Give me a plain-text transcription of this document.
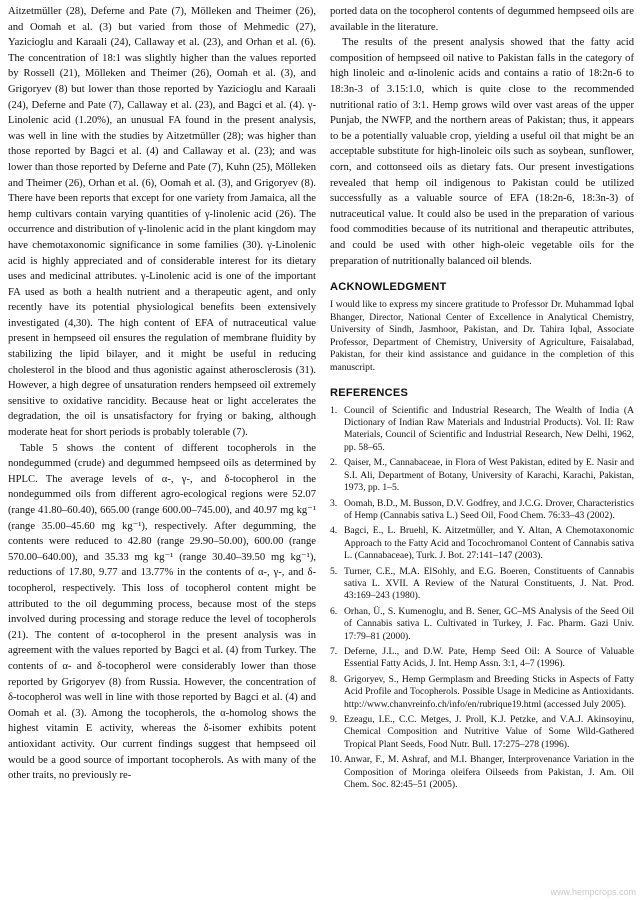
Aitzetmüller (28), Deferne and Pate (7), Mölleken and Theimer (26), and Oomah et al. (3) but varied from those of Mehmedic (27), Yazicioglu and Karaali (24), Callaway et al. (23), and Orhan et al. (6). The concentration of 18:1 was slightly higher than the values reported by Rossell (21), Mölleken and Theimer (26), Oomah et al. (3), and Grigoryev (8) but lower than those reported by Yazicioglu and Karaali (24), Deferne and Pate (7), Callaway et al. (23), and Bagci et al. (4). γ-Linolenic acid (1.20%), an unusual FA found in the present analysis, was well in line with the studies by Aitzetmüller (28); was higher than those reported by Bagci et al. (4) and Callaway et al. (23); and was lower than those reported by Deferne and Pate (7), Kuhn (25), Mölleken and Theimer (26), Orhan et al. (6), Oomah et al. (3), and Grigoryev (8). There have been reports that except for one variety from Jamaica, all the hemp cultivars contain varying quantities of γ-linolenic acid (26). The occurrence and distribution of γ-linolenic acid in the plant kingdom may have chemotaxonomic significance in some families (30). γ-Linolenic acid is highly appreciated and of considerable interest for its dietary uses and medicinal attributes. γ-Linolenic acid is one of the important FA used as both a health nutrient and a therapeutic agent, and only recently have its potential physiological benefits been extensively investigated (4,30). The high content of EFA of nutraceutical value present in hempseed oil ensures the regulation of membrane fluidity by stabilizing the lipid bilayer, and it might be useful in reducing cholesterol in the blood and thus agonistic against atherosclerosis (31). However, a high degree of unsaturation renders hempseed oil extremely sensitive to oxidative rancidity. Because heat or light accelerates the degradation, the oil is unsatisfactory for frying or baking, although moderate heat for short periods is probably tolerable (7).

Table 5 shows the content of different tocopherols in the nondegummed (crude) and degummed hempseed oils as determined by HPLC. The average levels of α-, γ-, and δ-tocopherol in the nondegummed oils from different agro-ecological regions were 52.07 (range 41.80–60.40), 665.00 (range 600.00–745.00), and 40.97 mg kg⁻¹ (range 35.00–45.60 mg kg⁻¹), respectively. After degumming, the contents were reduced to 42.80 (range 29.90–50.00), 600.00 (range 570.00–640.00), and 35.33 mg kg⁻¹ (range 30.40–39.50 mg kg⁻¹), reductions of 17.80, 9.77 and 13.77% in the contents of α-, γ-, and δ-tocopherol, respectively. This loss of tocopherol content might be attributed to the oil degumming process, because most of the steps involved during processing and storage reduce the level of tocopherols (21). The content of α-tocopherol in the present analysis was in agreement with the values reported by Bagci et al. (4) from Turkey. The contents of α- and δ-tocopherol were considerably lower than those reported by Grigoryev (8) from Russia. However, the concentration of δ-tocopherol was well in line with those reported by Bagci et al. (4) and Oomah et al. (3). Among the tocopherols, the α-homolog shows the highest vitamin E activity, whereas the δ-isomer exhibits potent antioxidant activity. Our current findings suggest that hempseed oil would be a good source of important tocopherols. As with many of the other traits, no previously re-

ported data on the tocopherol contents of degummed hempseed oils are available in the literature.

The results of the present analysis showed that the fatty acid composition of hempseed oil native to Pakistan falls in the category of high linoleic and α-linolenic acids and contains a ratio of 18:2n-6 to 18:3n-3 of 3.15:1.0, which is quite close to the recommended nutritional ratio of 3:1. Hemp grows wild over vast areas of the upper Punjab, the NWFP, and the northern areas of Pakistan; thus, it appears to be a potentially valuable crop, yielding a useful oil that might be an acceptable substitute for high-linoleic oils such as soybean, sunflower, corn, and cottonseed oils as dietary fats. Our present investigations revealed that hemp oil indigenous to Pakistan could be utilized successfully as a valuable source of EFA (18:2n-6, 18:3n-3) of nutraceutical value. It could also be used in the preparation of various food commodities because of its nutritional and therapeutic attributes, and could be used with other high-oleic vegetable oils for the preparation of nutritionally balanced oil blends.

ACKNOWLEDGMENT

I would like to express my sincere gratitude to Professor Dr. Muhammad Iqbal Bhanger, Director, National Center of Excellence in Analytical Chemistry, University of Sindh, Jasmhoor, Pakistan, and Dr. Tahira Iqbal, Associate Professor, Department of Chemistry, University of Agriculture, Faisalabad, Pakistan, for their kind assistance and guidance in the completion of this manuscript.

REFERENCES
1. Council of Scientific and Industrial Research, The Wealth of India (A Dictionary of Indian Raw Materials and Industrial Products). Vol. II: Raw Materials, Council of Scientific and Industrial Research, New Delhi, 1962, pp. 58–65.
2. Qaiser, M., Cannabaceae, in Flora of West Pakistan, edited by E. Nasir and S.I. Ali, Department of Botany, University of Karachi, Karachi, Pakistan, 1973, pp. 1–5.
3. Oomah, B.D., M. Busson, D.V. Godfrey, and J.C.G. Drover, Characteristics of Hemp (Cannabis sativa L.) Seed Oil, Food Chem. 76:33–43 (2002).
4. Bagci, E., L. Bruehl, K. Aitzetmüller, and Y. Altan, A Chemotaxonomic Approach to the Fatty Acid and Tocochromanol Content of Cannabis sativa L. (Cannabaceae), Turk. J. Bot. 27:141–147 (2003).
5. Turner, C.E., M.A. ElSohly, and E.G. Boeren, Constituents of Cannabis sativa L. XVII. A Review of the Natural Constituents, J. Nat. Prod. 43:169–243 (1980).
6. Orhan, Ü., S. Kumenoglu, and B. Sener, GC–MS Analysis of the Seed Oil of Cannabis sativa L. Cultivated in Turkey, J. Fac. Pharm. Gazi Univ. 17:79–81 (2000).
7. Deferne, J.L., and D.W. Pate, Hemp Seed Oil: A Source of Valuable Essential Fatty Acids, J. Int. Hemp Assn. 3:1, 4–7 (1996).
8. Grigoryev, S., Hemp Germplasm and Breeding Sticks in Aspects of Fatty Acid Profile and Tocopherols. Possible Usage in Medicine as Antioxidants. http://www.chanvreinfo.ch/info/en/rubrique19.html (accessed July 2005).
9. Ezeagu, I.E., C.C. Metges, J. Proll, K.J. Petzke, and V.A.J. Akinsoyinu, Chemical Composition and Nutritive Value of Some Wild-Gathered Tropical Plant Seeds, Food Nutr. Bull. 17:275–278 (1996).
10. Anwar, F., M. Ashraf, and M.I. Bhanger, Interprovenance Variation in the Composition of Moringa oleifera Oilseeds from Pakistan, J. Am. Oil Chem. Soc. 82:45–51 (2005).
www.hempcrops.com
